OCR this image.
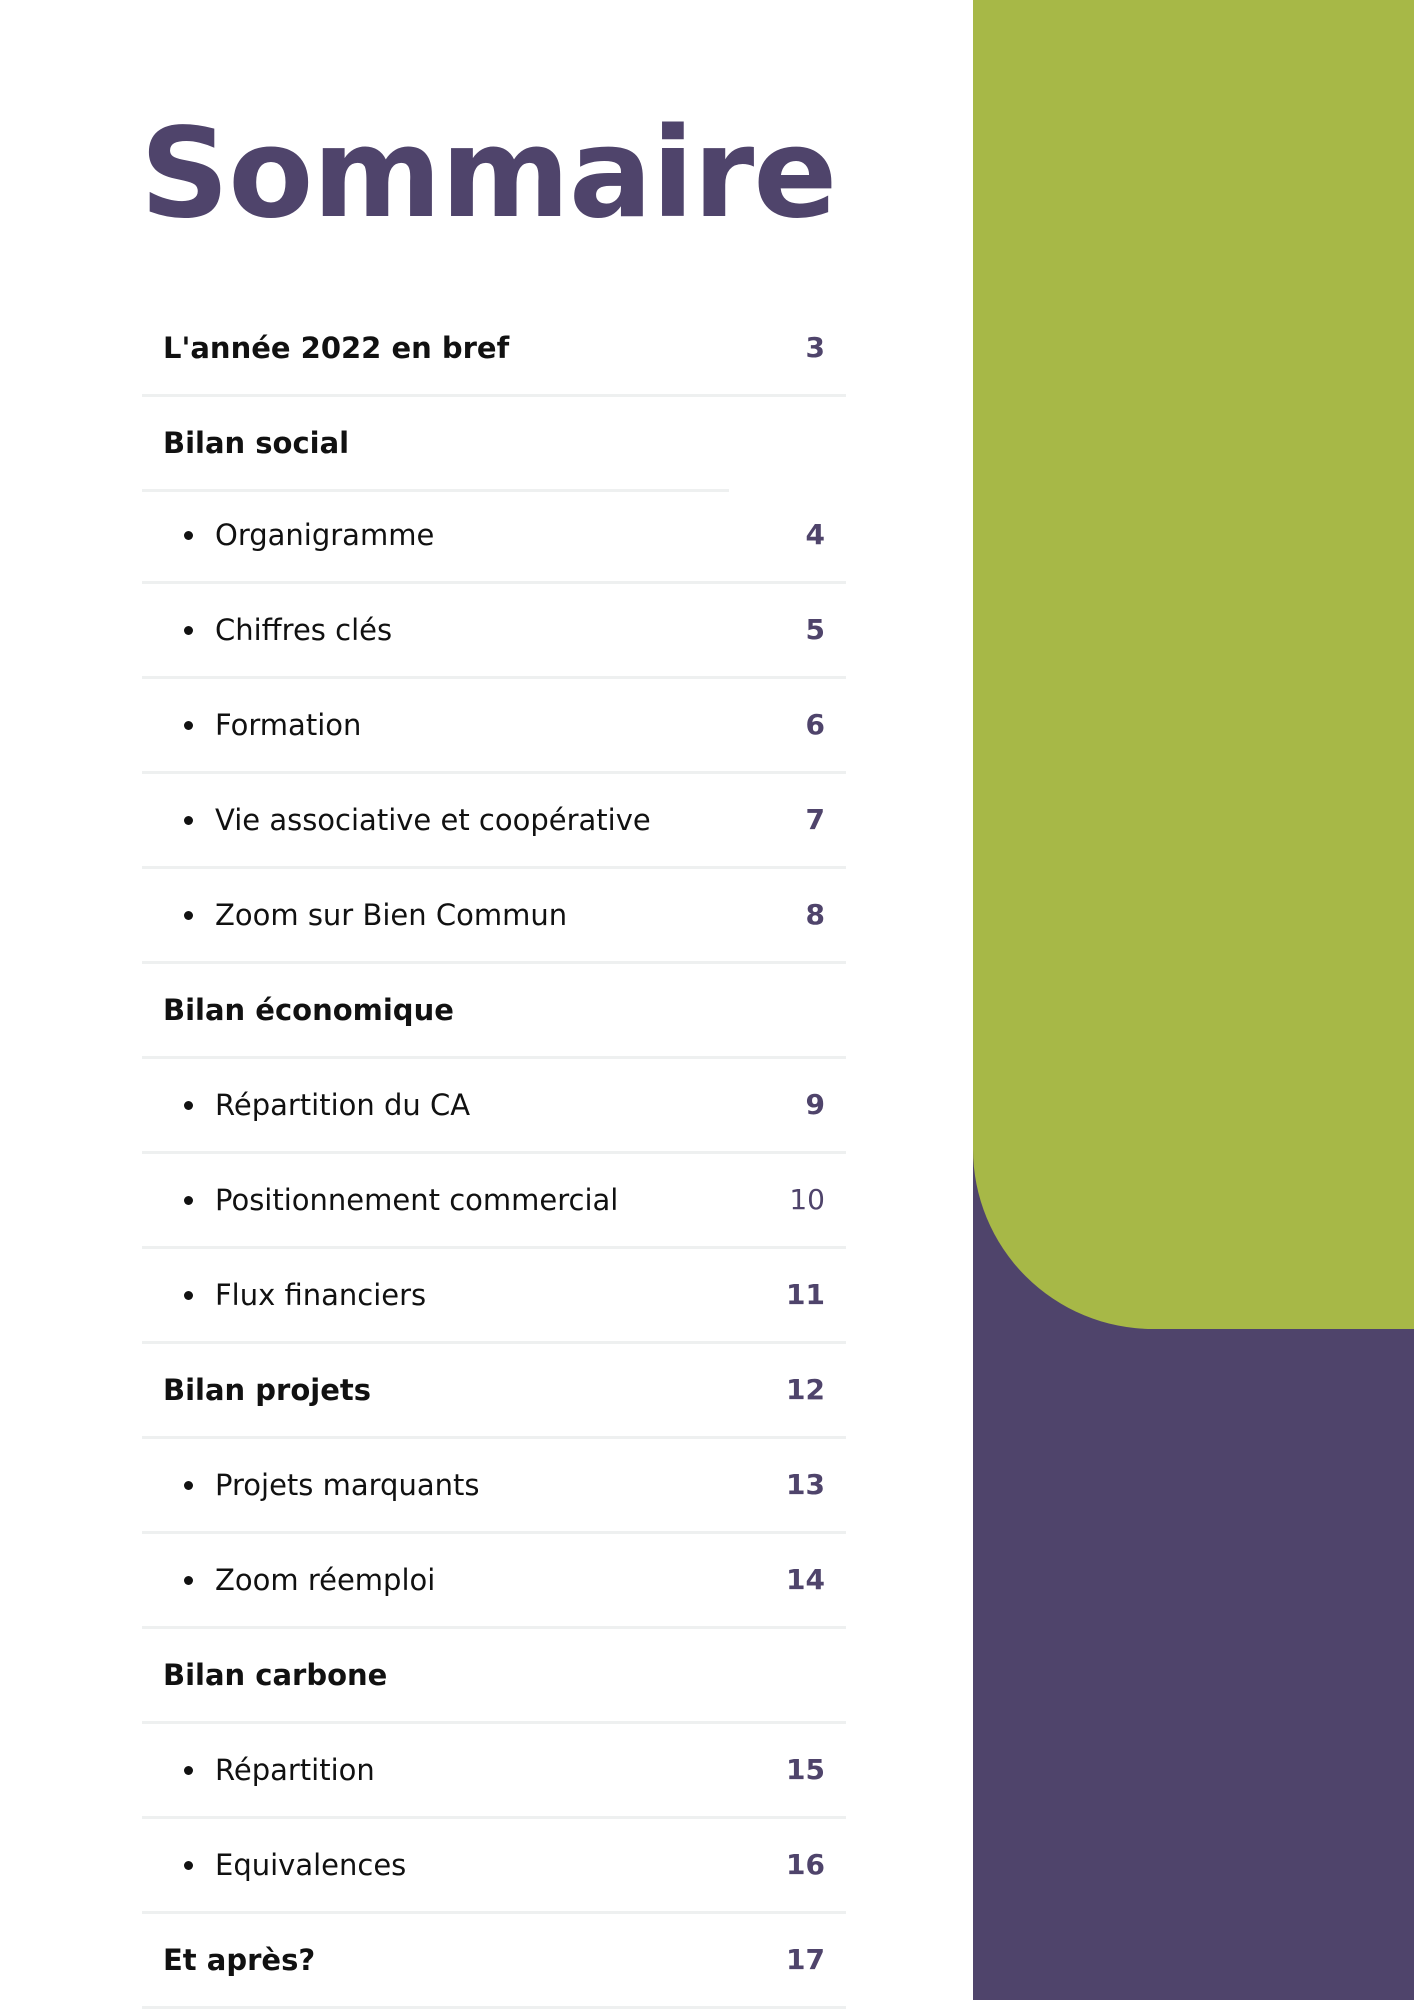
Sommaire
L'année 2022 en bref	3
Bilan social
Organigramme	4
Chiffres clés	5
Formation	6
Vie associative et coopérative	7
Zoom sur Bien Commun	8
Bilan économique
Répartition du CA	9
Positionnement commercial	10
Flux financiers	11
Bilan projets	12
Projets marquants	13
Zoom réemploi	14
Bilan carbone
Répartition	15
Equivalences	16
Et après?	17
